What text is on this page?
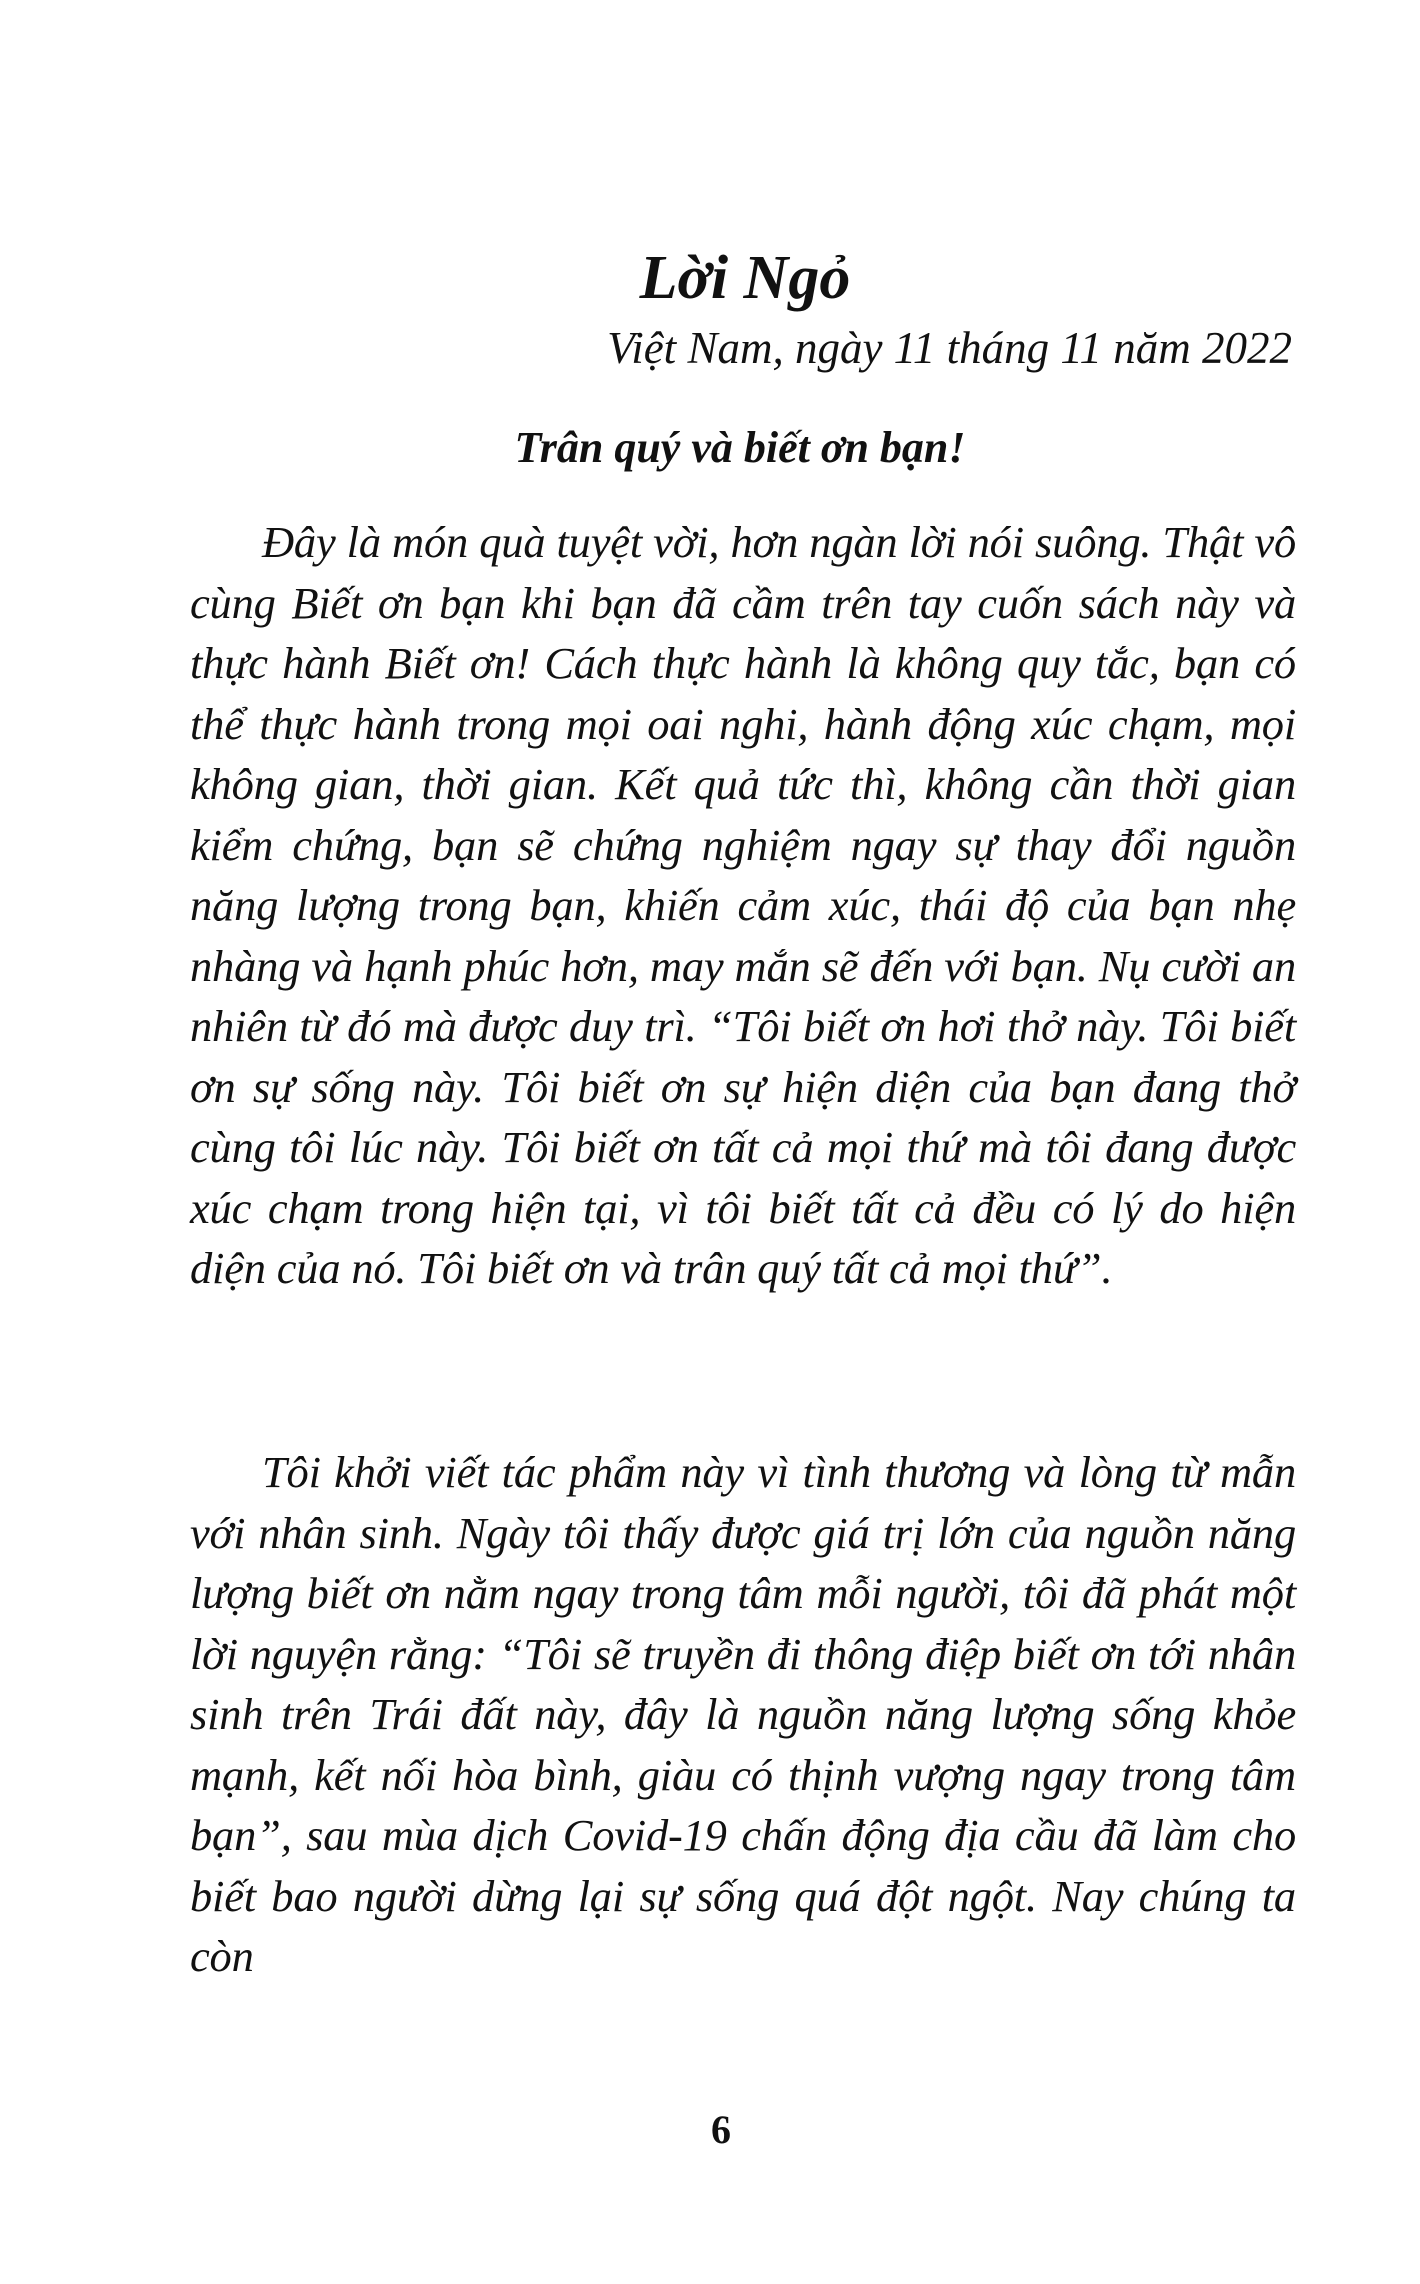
Lời Ngỏ

Việt Nam, ngày 11 tháng 11 năm 2022

Trân quý và biết ơn bạn!

Đây là món quà tuyệt vời, hơn ngàn lời nói suông. Thật vô cùng Biết ơn bạn khi bạn đã cầm trên tay cuốn sách này và thực hành Biết ơn! Cách thực hành là không quy tắc, bạn có thể thực hành trong mọi oai nghi, hành động xúc chạm, mọi không gian, thời gian. Kết quả tức thì, không cần thời gian kiểm chứng, bạn sẽ chứng nghiệm ngay sự thay đổi nguồn năng lượng trong bạn, khiến cảm xúc, thái độ của bạn nhẹ nhàng và hạnh phúc hơn, may mắn sẽ đến với bạn. Nụ cười an nhiên từ đó mà được duy trì. “Tôi biết ơn hơi thở này. Tôi biết ơn sự sống này. Tôi biết ơn sự hiện diện của bạn đang thở cùng tôi lúc này. Tôi biết ơn tất cả mọi thứ mà tôi đang được xúc chạm trong hiện tại, vì tôi biết tất cả đều có lý do hiện diện của nó. Tôi biết ơn và trân quý tất cả mọi thứ”.

Tôi khởi viết tác phẩm này vì tình thương và lòng từ mẫn với nhân sinh. Ngày tôi thấy được giá trị lớn của nguồn năng lượng biết ơn nằm ngay trong tâm mỗi người, tôi đã phát một lời nguyện rằng: “Tôi sẽ truyền đi thông điệp biết ơn tới nhân sinh trên Trái đất này, đây là nguồn năng lượng sống khỏe mạnh, kết nối hòa bình, giàu có thịnh vượng ngay trong tâm bạn”, sau mùa dịch Covid-19 chấn động địa cầu đã làm cho biết bao người dừng lại sự sống quá đột ngột. Nay chúng ta còn

6
